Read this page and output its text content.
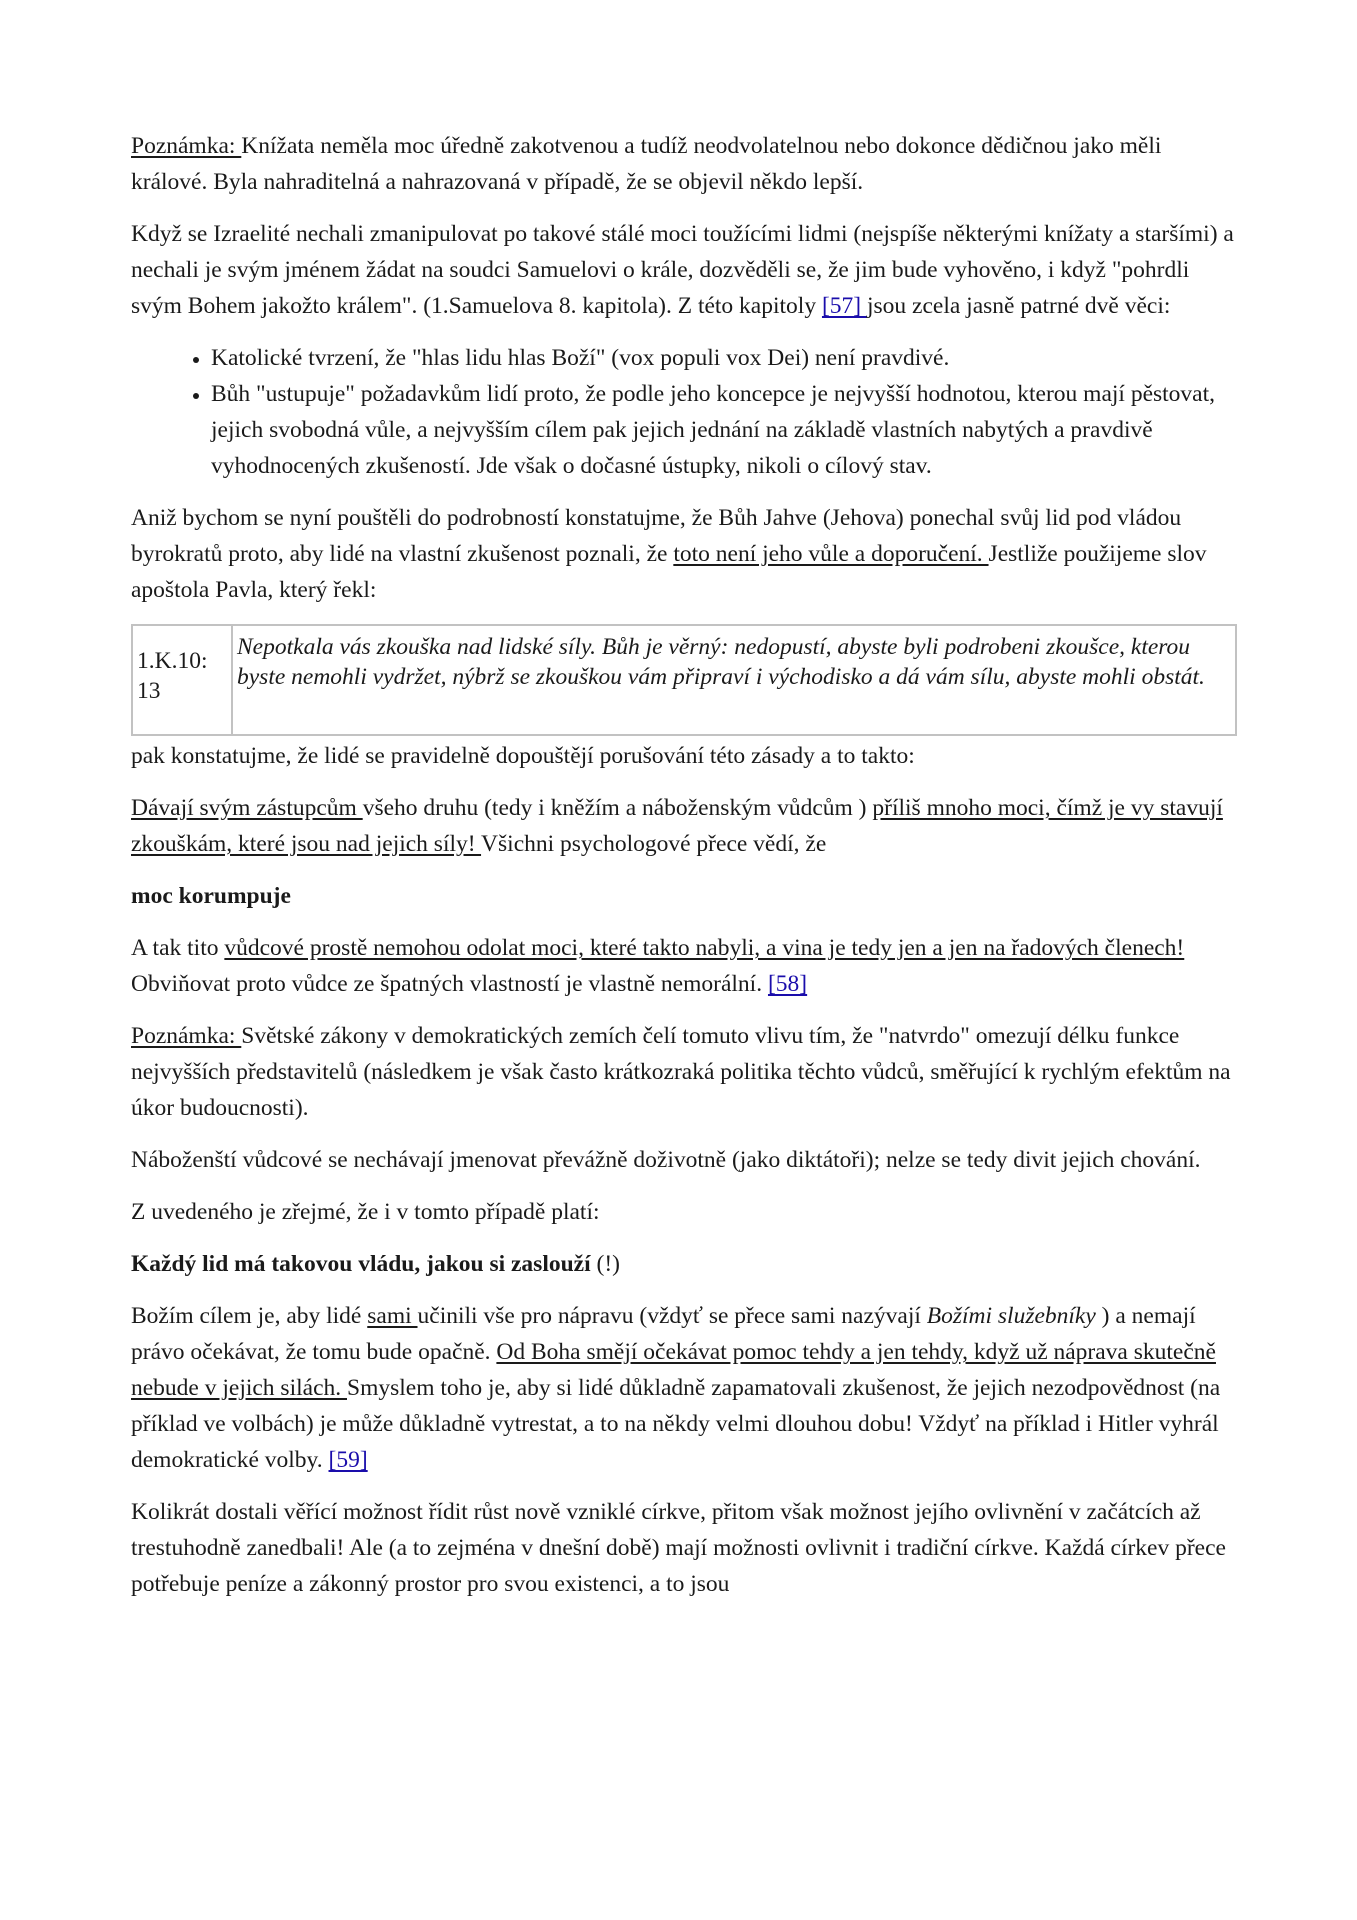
Poznámka: Knížata neměla moc úředně zakotvenou a tudíž neodvolatelnou nebo dokonce dědičnou jako měli králové. Byla nahraditelná a nahrazovaná v případě, že se objevil někdo lepší.

Když se Izraelité nechali zmanipulovat po takové stálé moci toužícími lidmi (nejspíše některými knížaty a staršími) a nechali je svým jménem žádat na soudci Samuelovi o krále, dozvěděli se, že jim bude vyhověno, i když "pohrdli svým Bohem jakožto králem". (1.Samuelova 8. kapitola). Z této kapitoly [57] jsou zcela jasně patrné dvě věci:

• Katolické tvrzení, že "hlas lidu hlas Boží" (vox populi vox Dei) není pravdivé.
• Bůh "ustupuje" požadavkům lidí proto, že podle jeho koncepce je nejvyšší hodnotou, kterou mají pěstovat, jejich svobodná vůle, a nejvyšším cílem pak jejich jednání na základě vlastních nabytých a pravdivě vyhodnocených zkušeností. Jde však o dočasné ústupky, nikoli o cílový stav.

Aniž bychom se nyní pouštěli do podrobností konstatujme, že Bůh Jahve (Jehova) ponechal svůj lid pod vládou byrokratů proto, aby lidé na vlastní zkušenost poznali, že toto není jeho vůle a doporučení. Jestliže použijeme slov apoštola Pavla, který řekl:

1.K.10: 13	Nepotkala vás zkouška nad lidské síly. Bůh je věrný: nedopustí, abyste byli podrobeni zkoušce, kterou byste nemohli vydržet, nýbrž se zkouškou vám připraví i východisko a dá vám sílu, abyste mohli obstát.

pak konstatujme, že lidé se pravidelně dopouštějí porušování této zásady a to takto:

Dávají svým zástupcům všeho druhu (tedy i kněžím a náboženským vůdcům ) příliš mnoho moci, čímž je vy stavují zkouškám, které jsou nad jejich síly! Všichni psychologové přece vědí, že

moc korumpuje

A tak tito vůdcové prostě nemohou odolat moci, které takto nabyli, a vina je tedy jen a jen na řadových členech! Obviňovat proto vůdce ze špatných vlastností je vlastně nemorální. [58]

Poznámka: Světské zákony v demokratických zemích čelí tomuto vlivu tím, že "natvrdo" omezují délku funkce nejvyšších představitelů (následkem je však často krátkozraká politika těchto vůdců, směřující k rychlým efektům na úkor budoucnosti).

Náboženští vůdcové se nechávají jmenovat převážně doživotně (jako diktátoři); nelze se tedy divit jejich chování.

Z uvedeného je zřejmé, že i v tomto případě platí:

Každý lid má takovou vládu, jakou si zaslouží (!)

Božím cílem je, aby lidé sami učinili vše pro nápravu (vždyť se přece sami nazývají Božími služebníky ) a nemají právo očekávat, že tomu bude opačně. Od Boha smějí očekávat pomoc tehdy a jen tehdy, když už náprava skutečně nebude v jejich silách. Smyslem toho je, aby si lidé důkladně zapamatovali zkušenost, že jejich nezodpovědnost (na příklad ve volbách) je může důkladně vytrestat, a to na někdy velmi dlouhou dobu! Vždyť na příklad i Hitler vyhrál demokratické volby. [59]

Kolikrát dostali věřící možnost řídit růst nově vzniklé církve, přitom však možnost jejího ovlivnění v začátcích až trestuhodně zanedbali! Ale (a to zejména v dnešní době) mají možnosti ovlivnit i tradiční církve. Každá církev přece potřebuje peníze a zákonný prostor pro svou existenci, a to jsou
